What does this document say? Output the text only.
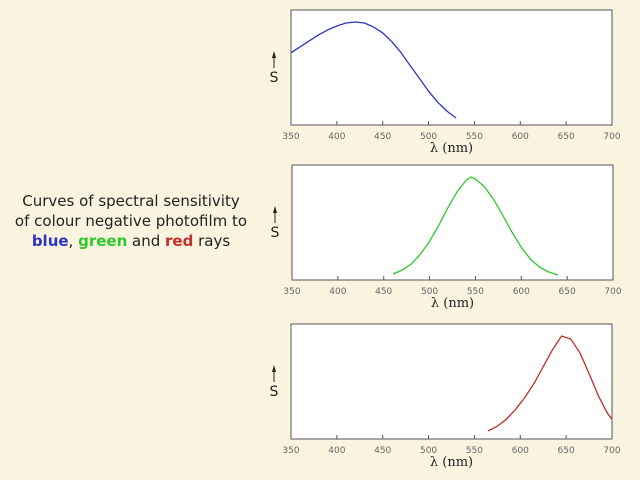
Curves of spectral sensitivity
of colour negative photofilm to
blue, green and red rays
350	400	450	500	550	600	650	700
λ (nm)
S
350	400	450	500	550	600	650	700
λ (nm)
S
350	400	450	500	550	600	650	700
λ (nm)
S
